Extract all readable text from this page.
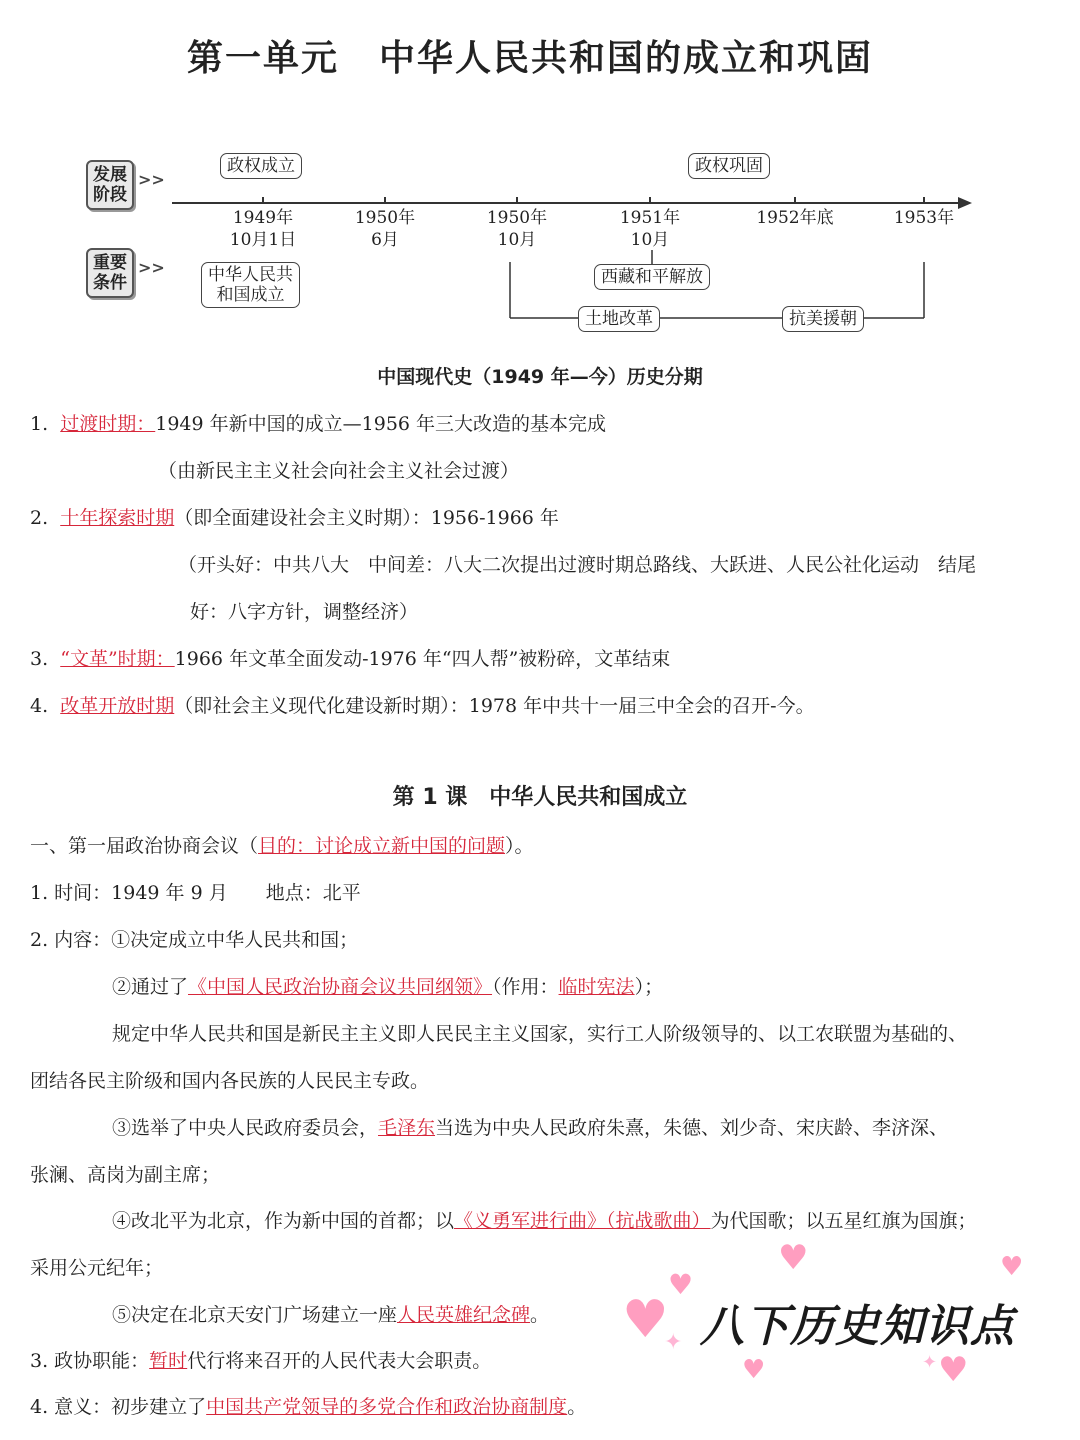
第一单元 中华人民共和国的成立和巩固
发展
阶段
>>
重要
条件
>>
政权成立	政权巩固
1949年
10月1日
1950年
6月
1950年
10月
1951年
10月
1952年底	1953年
中华人民共
和国成立
西藏和平解放
土地改革	抗美援朝
中国现代史（1949 年—今）历史分期
1. 过渡时期：1949 年新中国的成立—1956 年三大改造的基本完成
（由新民主主义社会向社会主义社会过渡）
2. 十年探索时期（即全面建设社会主义时期）：1956-1966 年
（开头好：中共八大　中间差：八大二次提出过渡时期总路线、大跃进、人民公社化运动　结尾
好：八字方针，调整经济）
3. “文革”时期：1966 年文革全面发动-1976 年“四人帮”被粉碎，文革结束
4. 改革开放时期（即社会主义现代化建设新时期）：1978 年中共十一届三中全会的召开-今。
第 1 课　中华人民共和国成立
一、第一届政治协商会议（目的：讨论成立新中国的问题）。
1. 时间：1949 年 9 月　　地点：北平
2. 内容：①决定成立中华人民共和国；
②通过了《中国人民政治协商会议共同纲领》（作用：临时宪法）；
规定中华人民共和国是新民主主义即人民民主主义国家，实行工人阶级领导的、以工农联盟为基础的、
团结各民主阶级和国内各民族的人民民主专政。
③选举了中央人民政府委员会，毛泽东当选为中央人民政府朱熹，朱德、刘少奇、宋庆龄、李济深、
张澜、高岗为副主席；
④改北平为北京，作为新中国的首都；以《义勇军进行曲》（抗战歌曲）为代国歌；以五星红旗为国旗；
采用公元纪年；
⑤决定在北京天安门广场建立一座人民英雄纪念碑。
3. 政协职能：暂时代行将来召开的人民代表大会职责。
4. 意义：初步建立了中国共产党领导的多党合作和政治协商制度。
♥
♥
♥	♥
♥	♥
✦
✦
八下历史知识点
